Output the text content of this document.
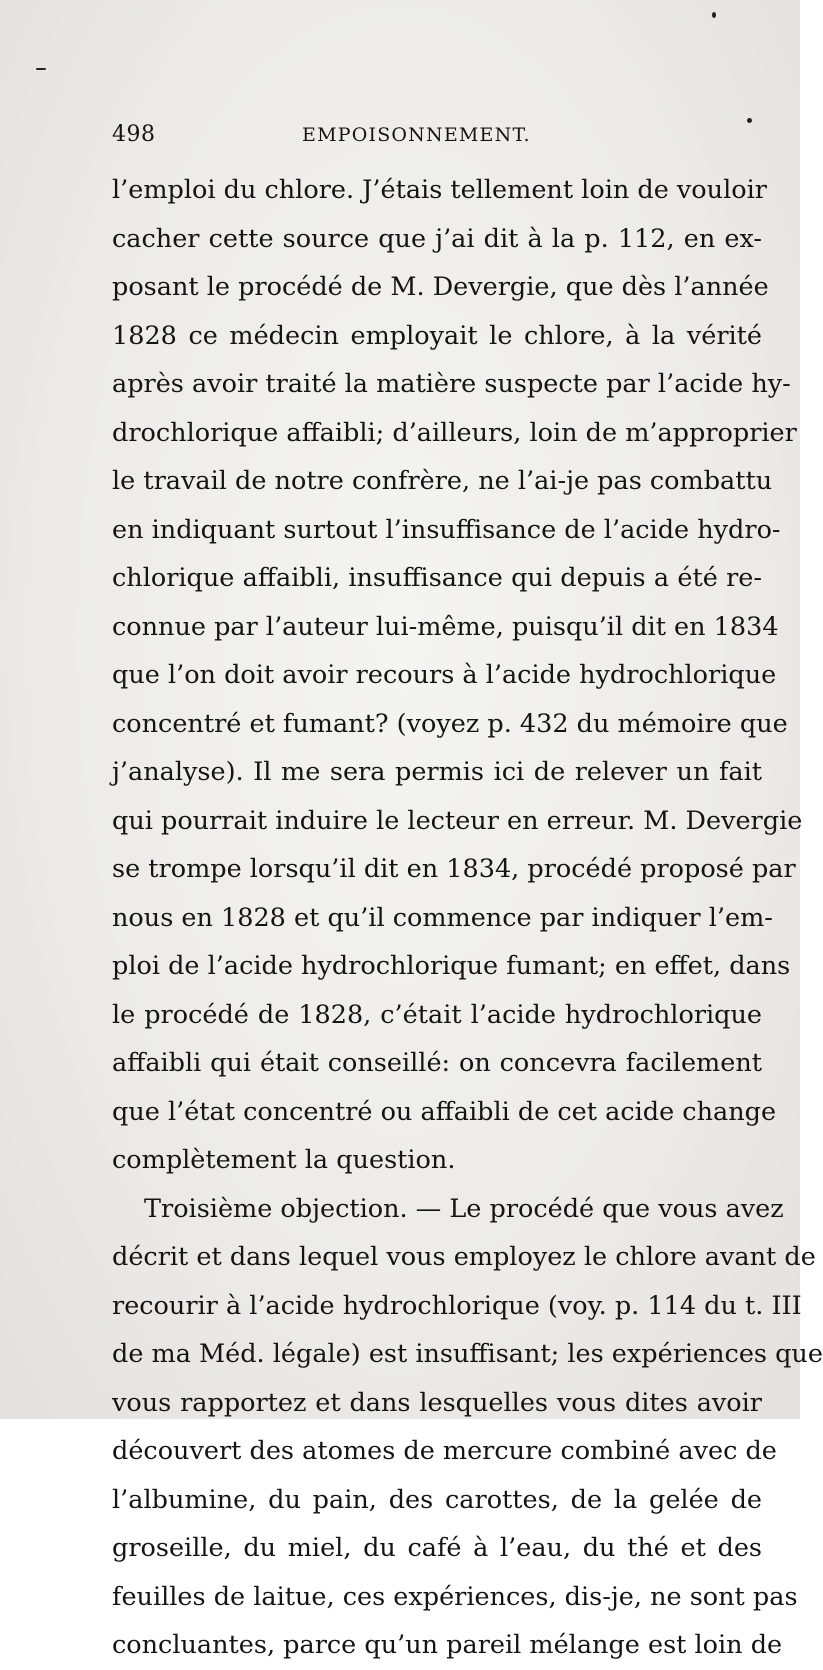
498	EMPOISONNEMENT.
l’emploi du chlore. J’étais tellement loin de vouloir
cacher cette source que j’ai dit à la p. 112, en ex-
posant le procédé de M. Devergie, que dès l’année
1828 ce médecin employait le chlore, à la vérité
après avoir traité la matière suspecte par l’acide hy-
drochlorique affaibli; d’ailleurs, loin de m’approprier
le travail de notre confrère, ne l’ai-je pas combattu
en indiquant surtout l’insuffisance de l’acide hydro-
chlorique affaibli, insuffisance qui depuis a été re-
connue par l’auteur lui-même, puisqu’il dit en 1834
que l’on doit avoir recours à l’acide hydrochlorique
concentré et fumant? (voyez p. 432 du mémoire que
j’analyse). Il me sera permis ici de relever un fait
qui pourrait induire le lecteur en erreur. M. Devergie
se trompe lorsqu’il dit en 1834, procédé proposé par
nous en 1828 et qu’il commence par indiquer l’em-
ploi de l’acide hydrochlorique fumant; en effet, dans
le procédé de 1828, c’était l’acide hydrochlorique
affaibli qui était conseillé: on concevra facilement
que l’état concentré ou affaibli de cet acide change
complètement la question.
Troisième objection. — Le procédé que vous avez
décrit et dans lequel vous employez le chlore avant de
recourir à l’acide hydrochlorique (voy. p. 114 du t. III
de ma Méd. légale) est insuffisant; les expériences que
vous rapportez et dans lesquelles vous dites avoir
découvert des atomes de mercure combiné avec de
l’albumine, du pain, des carottes, de la gelée de
groseille, du miel, du café à l’eau, du thé et des
feuilles de laitue, ces expériences, dis-je, ne sont pas
concluantes, parce qu’un pareil mélange est loin de
